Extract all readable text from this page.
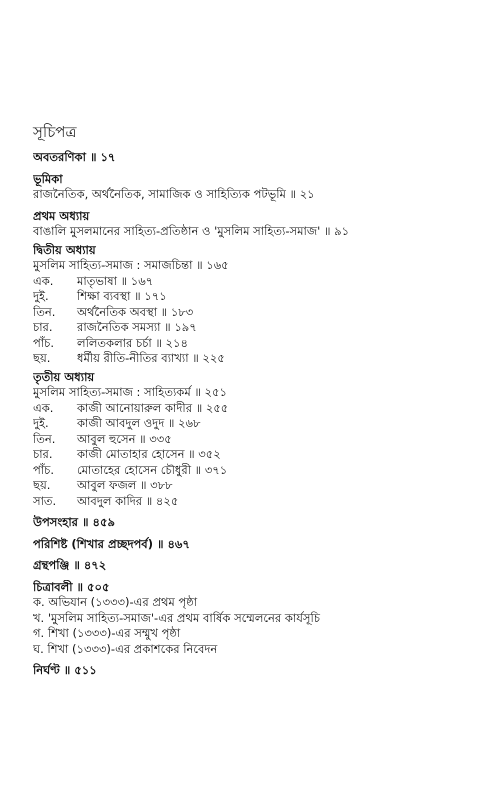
সূচিপত্র
অবতরণিকা ॥ ১৭
ভূমিকা
রাজনৈতিক, অর্থনৈতিক, সামাজিক ও সাহিত্যিক পটভূমি ॥ ২১
প্রথম অধ্যায়
বাঙালি মুসলমানের সাহিত্য-প্রতিষ্ঠান ও 'মুসলিম সাহিত্য-সমাজ' ॥ ৯১
দ্বিতীয় অধ্যায়
মুসলিম সাহিত্য-সমাজ : সমাজচিন্তা ॥ ১৬৫
এক.	মাতৃভাষা ॥ ১৬৭
দুই.	শিক্ষা ব্যবস্থা ॥ ১৭১
তিন.	অর্থনৈতিক অবস্থা ॥ ১৮৩
চার.	রাজনৈতিক সমস্যা ॥ ১৯৭
পাঁচ.	ললিতকলার চর্চা ॥ ২১৪
ছয়.	ধর্মীয় রীতি-নীতির ব্যাখ্যা ॥ ২২৫
তৃতীয় অধ্যায়
মুসলিম সাহিত্য-সমাজ : সাহিত্যকর্ম ॥ ২৫১
এক.	কাজী আনোয়ারুল কাদীর ॥ ২৫৫
দুই.	কাজী আবদুল ওদুদ ॥ ২৬৮
তিন.	আবুল হুসেন ॥ ৩৩৫
চার.	কাজী মোতাহার হোসেন ॥ ৩৫২
পাঁচ.	মোতাহের হোসেন চৌধুরী ॥ ৩৭১
ছয়.	আবুল ফজল ॥ ৩৮৮
সাত.	আবদুল কাদির ॥ ৪২৫
উপসংহার ॥ ৪৫৯
পরিশিষ্ট (শিখার প্রচ্ছদপর্ব) ॥ ৪৬৭
গ্রন্থপঞ্জি ॥ ৪৭২
চিত্রাবলী ॥ ৫০৫
ক. অভিযান (১৩৩৩)-এর প্রথম পৃষ্ঠা
খ. 'মুসলিম সাহিত্য-সমাজ'-এর প্রথম বার্ষিক সম্মেলনের কার্যসূচি
গ. শিখা (১৩৩৩)-এর সম্মুখ পৃষ্ঠা
ঘ. শিখা (১৩৩৩)-এর প্রকাশকের নিবেদন
নির্ঘণ্ট ॥ ৫১১
